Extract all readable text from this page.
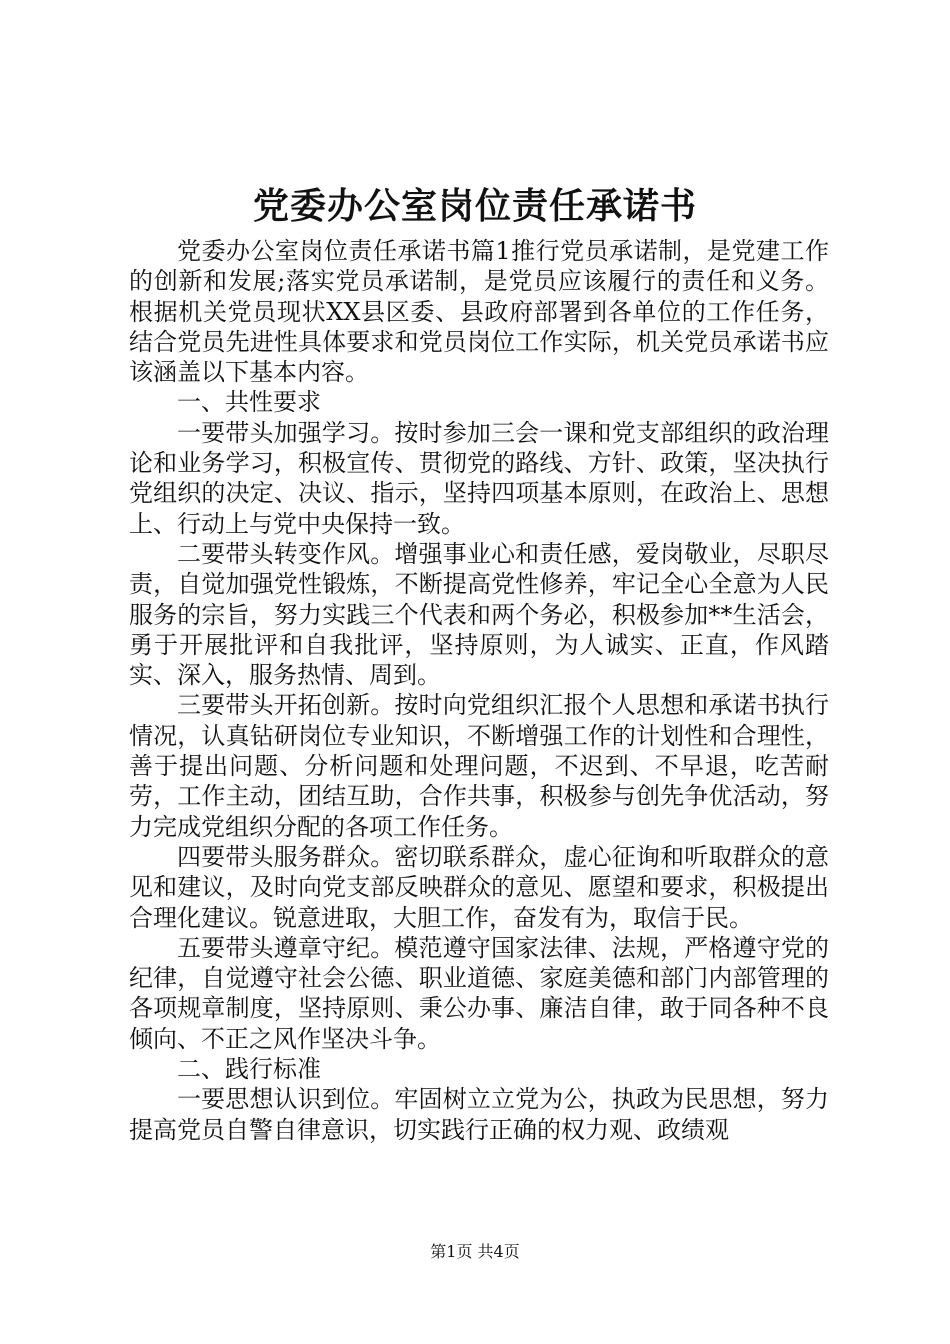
党委办公室岗位责任承诺书

党委办公室岗位责任承诺书篇1推行党员承诺制，是党建工作的创新和发展;落实党员承诺制，是党员应该履行的责任和义务。根据机关党员现状XX县区委、县政府部署到各单位的工作任务，结合党员先进性具体要求和党员岗位工作实际，机关党员承诺书应该涵盖以下基本内容。

一、共性要求

一要带头加强学习。按时参加三会一课和党支部组织的政治理论和业务学习，积极宣传、贯彻党的路线、方针、政策，坚决执行党组织的决定、决议、指示，坚持四项基本原则，在政治上、思想上、行动上与党中央保持一致。

二要带头转变作风。增强事业心和责任感，爱岗敬业，尽职尽责，自觉加强党性锻炼，不断提高党性修养，牢记全心全意为人民服务的宗旨，努力实践三个代表和两个务必，积极参加**生活会，勇于开展批评和自我批评，坚持原则，为人诚实、正直，作风踏实、深入，服务热情、周到。

三要带头开拓创新。按时向党组织汇报个人思想和承诺书执行情况，认真钻研岗位专业知识，不断增强工作的计划性和合理性，善于提出问题、分析问题和处理问题，不迟到、不早退，吃苦耐劳，工作主动，团结互助，合作共事，积极参与创先争优活动，努力完成党组织分配的各项工作任务。

四要带头服务群众。密切联系群众，虚心征询和听取群众的意见和建议，及时向党支部反映群众的意见、愿望和要求，积极提出合理化建议。锐意进取，大胆工作，奋发有为，取信于民。

五要带头遵章守纪。模范遵守国家法律、法规，严格遵守党的纪律，自觉遵守社会公德、职业道德、家庭美德和部门内部管理的各项规章制度，坚持原则、秉公办事、廉洁自律，敢于同各种不良倾向、不正之风作坚决斗争。

二、践行标准

一要思想认识到位。牢固树立立党为公，执政为民思想，努力提高党员自警自律意识，切实践行正确的权力观、政绩观

第1页 共4页
